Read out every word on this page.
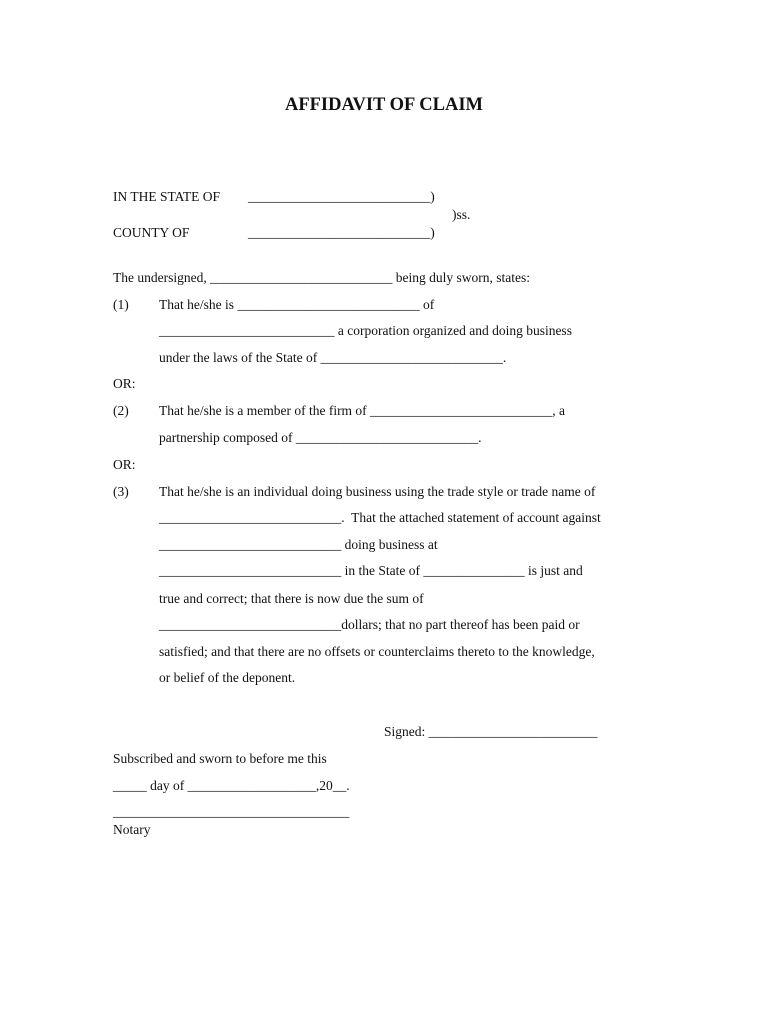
AFFIDAVIT OF CLAIM

IN THE STATE OF ___________________________)

)ss.

COUNTY OF	___________________________)

The undersigned, ___________________________ being duly sworn, states:

(1) That he/she is ___________________________ of

__________________________ a corporation organized and doing business

under the laws of the State of ___________________________.

OR:

(2) That he/she is a member of the firm of ___________________________, a

partnership composed of ___________________________.

OR:

(3) That he/she is an individual doing business using the trade style or trade name of

___________________________.  That the attached statement of account against

___________________________ doing business at

___________________________ in the State of _______________ is just and

true and correct; that there is now due the sum of

___________________________dollars; that no part thereof has been paid or

satisfied; and that there are no offsets or counterclaims thereto to the knowledge,

or belief of the deponent.

Signed: _________________________

Subscribed and sworn to before me this

_____ day of ___________________,20__.

___________________________________

Notary
